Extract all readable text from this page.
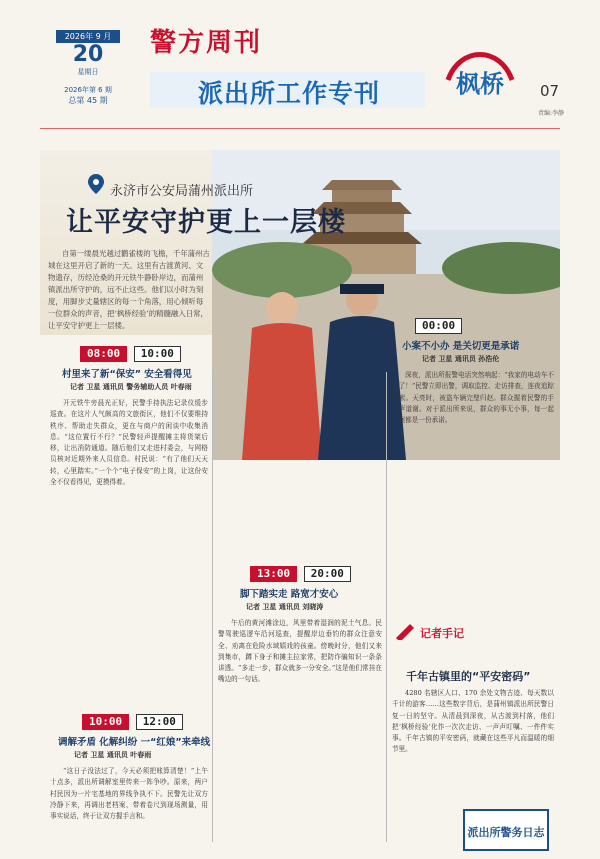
2026年 9 月
20
星期日
2026年第 6 期
总第 45 期
警方周刊
派出所工作专刊	枫桥 07
责编:李静
永济市公安局蒲州派出所
让平安守护更上一层楼
自第一缕晨光越过鹳雀楼的飞檐，千年蒲州古城在这里开启了新的一天。这里有古渡黄河、文物遗存，历经沧桑的开元铁牛静卧岸边，而蒲州镇派出所守护的，远不止这些。他们以小时为刻度，用脚步丈量辖区的每一个角落，用心倾听每一位群众的声音，把‘枫桥经验’的精髓融入日常，让平安守护更上一层楼。
08:00 10:00
村里来了新“保安” 安全看得见
记者 卫星 通讯员 警务辅助人员 叶春雨

开元铁牛旁晨光正好，民警手持执法记录仪缓步巡查。在这片人气颇高的文旅街区，他们不仅要维持秩序、帮助走失群众，更在与商户的闲谈中收集消息。“这位置行不行？”民警轻声提醒摊主将货架后移，让出消防通道。随后他们又走进村委会，与网格员核对近期外来人员信息。村民说：“有了他们天天转，心里踏实。”一个个“电子保安”的上岗，让这份安全不仅看得见，更摸得着。

10:00 12:00
调解矛盾 化解纠纷 一“红娘”来牵线
记者 卫星 通讯员 叶春雨

“这日子没法过了，今天必须把账算清楚！”上午十点多，派出所调解室里传来一阵争吵。原来，两户村民因为一片宅基地的界线争执不下。民警先让双方冷静下来，再调出老档案、带着卷尺到现场测量，用事实说话，终于让双方握手言和。

13:00 20:00
脚下踏实走 路宽才安心
记者 卫星 通讯员 刘晓涛

午后的黄河滩涂边，风里带着湿润的泥土气息。民警驾驶巡逻车沿河巡查，提醒岸边垂钓的群众注意安全、劝离在危险水域嬉戏的孩童。傍晚时分，他们又来到集市，蹲下身子和摊主拉家常，把防诈骗知识一条条讲透。“多走一步，群众就多一分安全。”这是他们常挂在嘴边的一句话。

00:00
小案不小办 是关切更是承诺
记者 卫星 通讯员 孙浩伦

深夜，派出所报警电话突然响起：“我家的电动车不见了！”民警立即出警，调取监控、走访排查，连夜追踪线索。天亮时，被盗车辆完璧归赵。群众握着民警的手连声道谢。对于派出所来说，群众的事无小事，每一起小案都是一份承诺。

记者手记
千年古镇里的“平安密码”

4280 名辖区人口、170 余处文物古迹、每天数以千计的游客……这些数字背后，是蒲州镇派出所民警日复一日的坚守。从清晨到深夜，从古渡到村落，他们把‘枫桥经验’化作一次次走访、一声声叮嘱、一件件实事。千年古镇的平安密码，就藏在这些平凡而温暖的细节里。

派出所警务日志
